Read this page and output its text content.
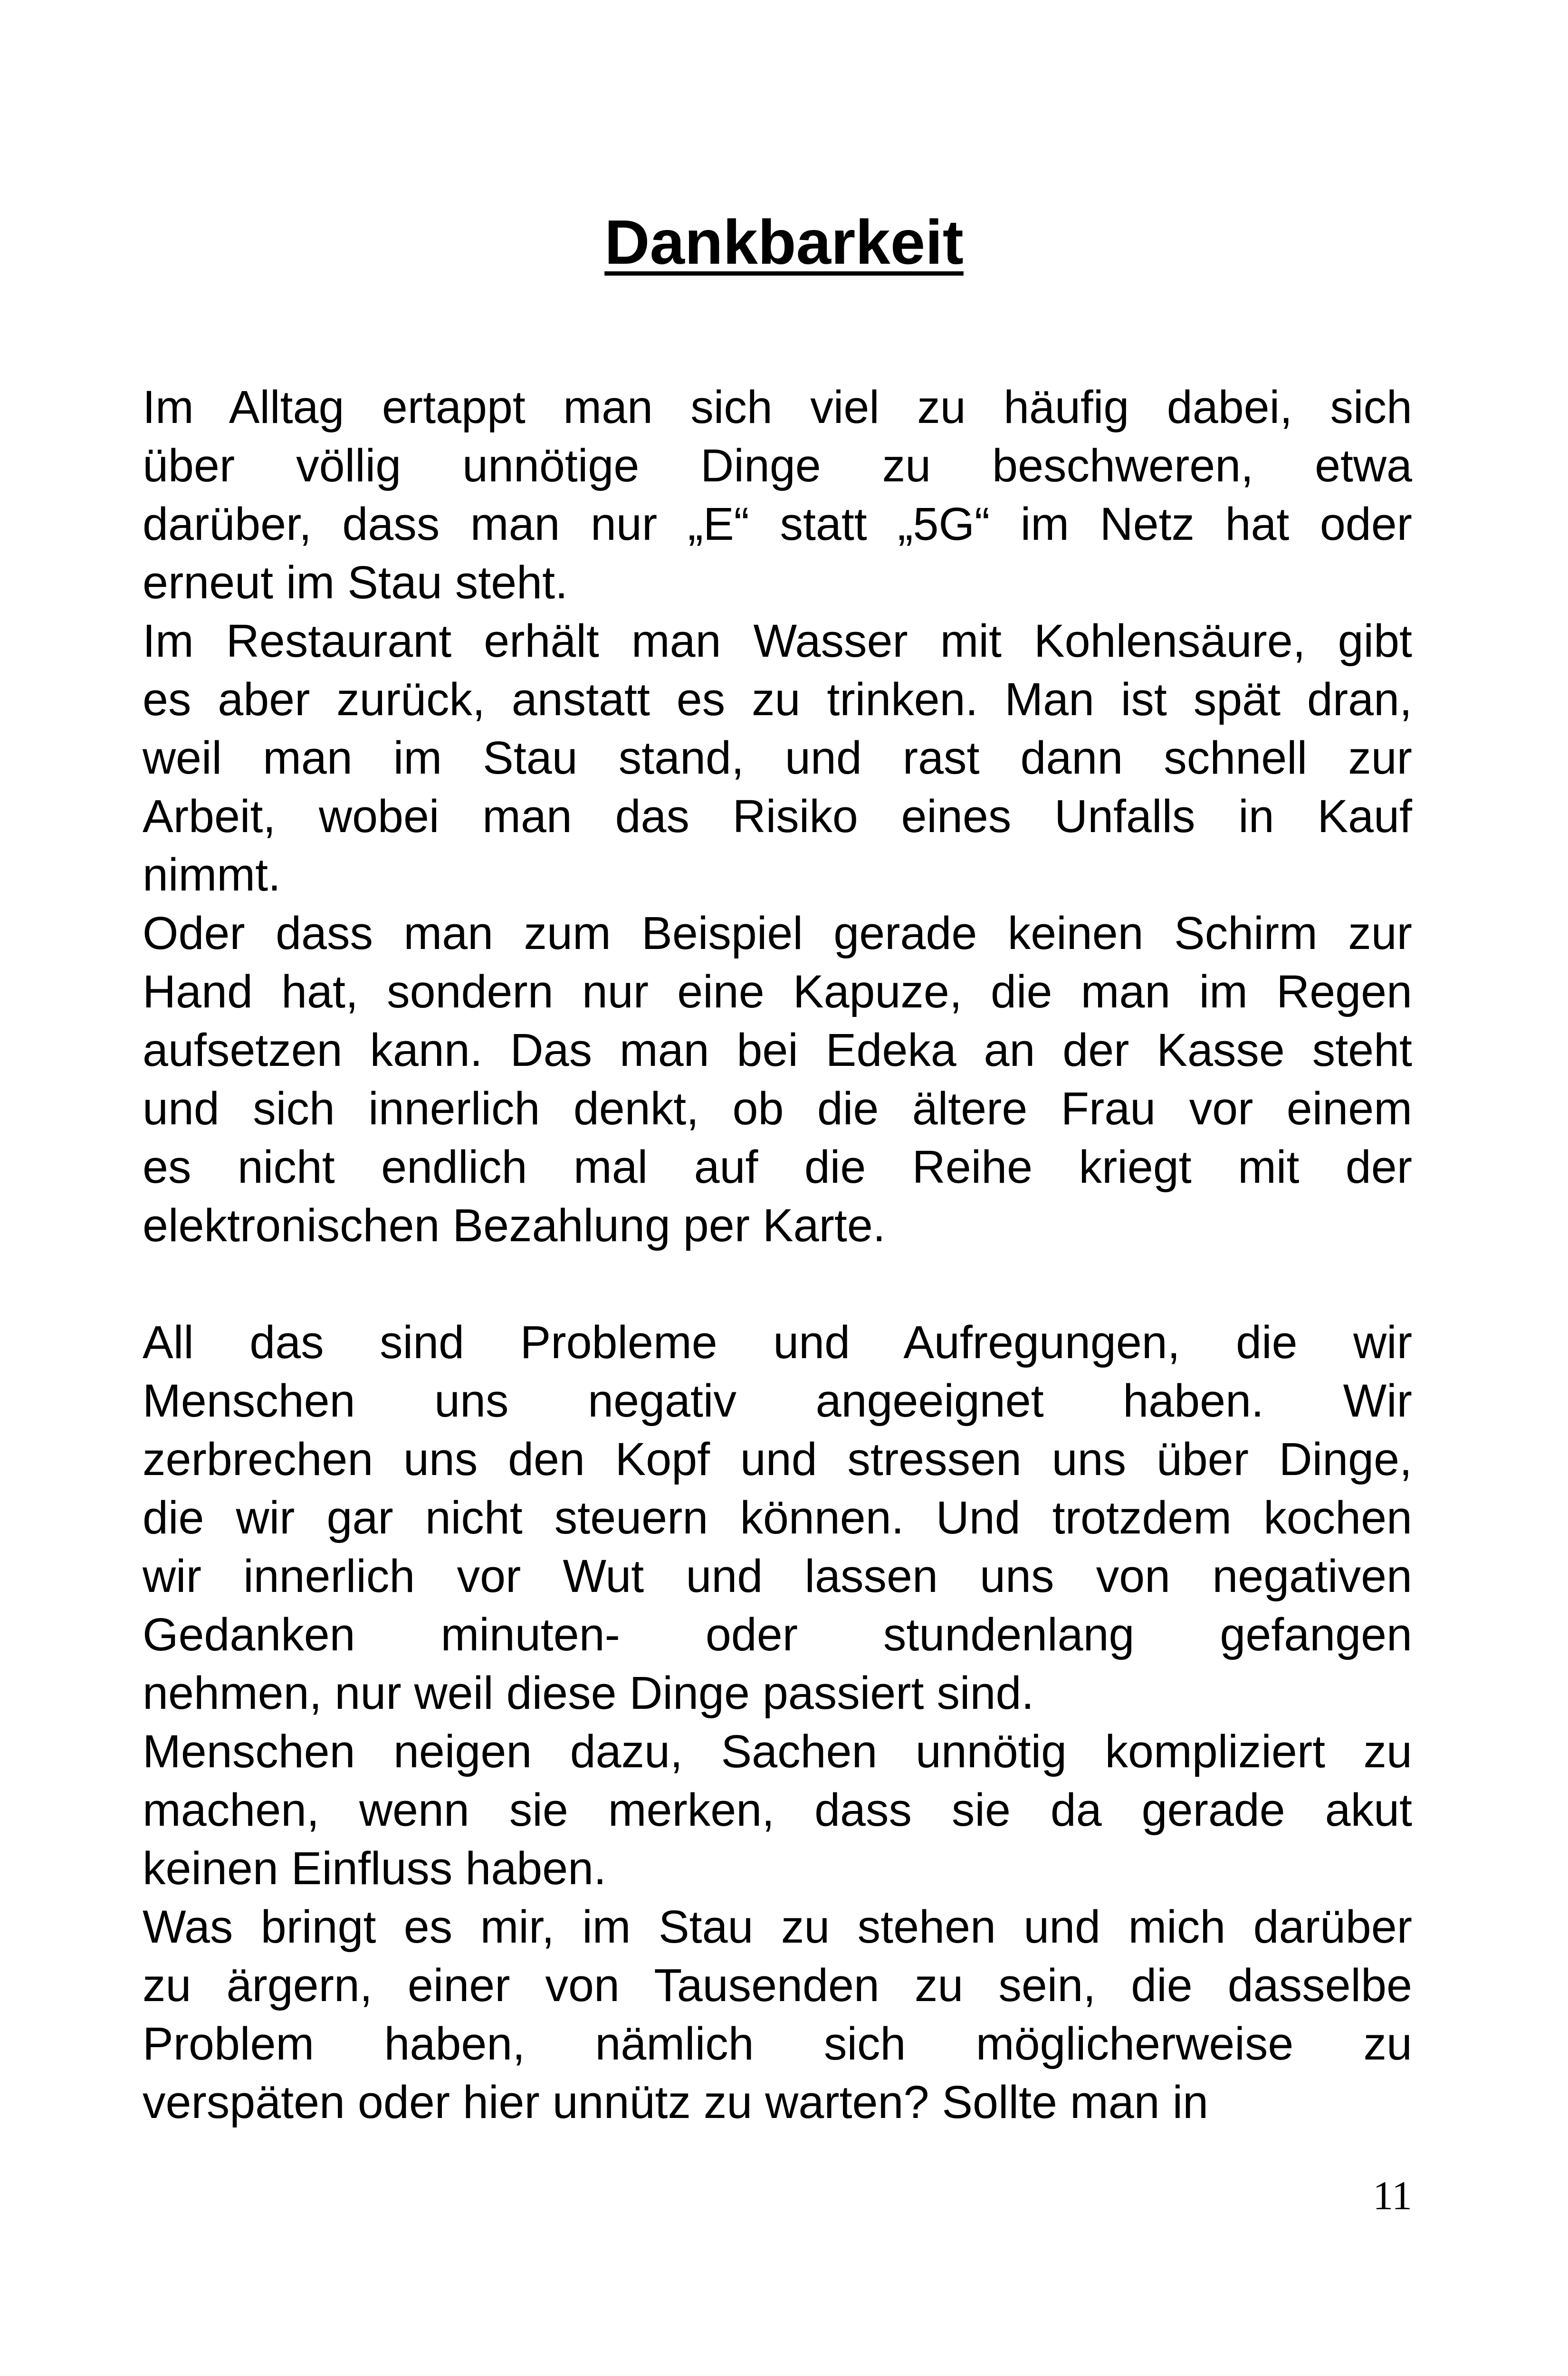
Dankbarkeit
Im Alltag ertappt man sich viel zu häufig dabei, sich
über völlig unnötige Dinge zu beschweren, etwa
darüber, dass man nur „E“ statt „5G“ im Netz hat oder
erneut im Stau steht.
Im Restaurant erhält man Wasser mit Kohlensäure, gibt
es aber zurück, anstatt es zu trinken. Man ist spät dran,
weil man im Stau stand, und rast dann schnell zur
Arbeit, wobei man das Risiko eines Unfalls in Kauf
nimmt.
Oder dass man zum Beispiel gerade keinen Schirm zur
Hand hat, sondern nur eine Kapuze, die man im Regen
aufsetzen kann. Das man bei Edeka an der Kasse steht
und sich innerlich denkt, ob die ältere Frau vor einem
es nicht endlich mal auf die Reihe kriegt mit der
elektronischen Bezahlung per Karte.
All das sind Probleme und Aufregungen, die wir
Menschen uns negativ angeeignet haben. Wir
zerbrechen uns den Kopf und stressen uns über Dinge,
die wir gar nicht steuern können. Und trotzdem kochen
wir innerlich vor Wut und lassen uns von negativen
Gedanken minuten- oder stundenlang gefangen
nehmen, nur weil diese Dinge passiert sind.
Menschen neigen dazu, Sachen unnötig kompliziert zu
machen, wenn sie merken, dass sie da gerade akut
keinen Einfluss haben.
Was bringt es mir, im Stau zu stehen und mich darüber
zu ärgern, einer von Tausenden zu sein, die dasselbe
Problem haben, nämlich sich möglicherweise zu
verspäten oder hier unnütz zu warten? Sollte man in
11
